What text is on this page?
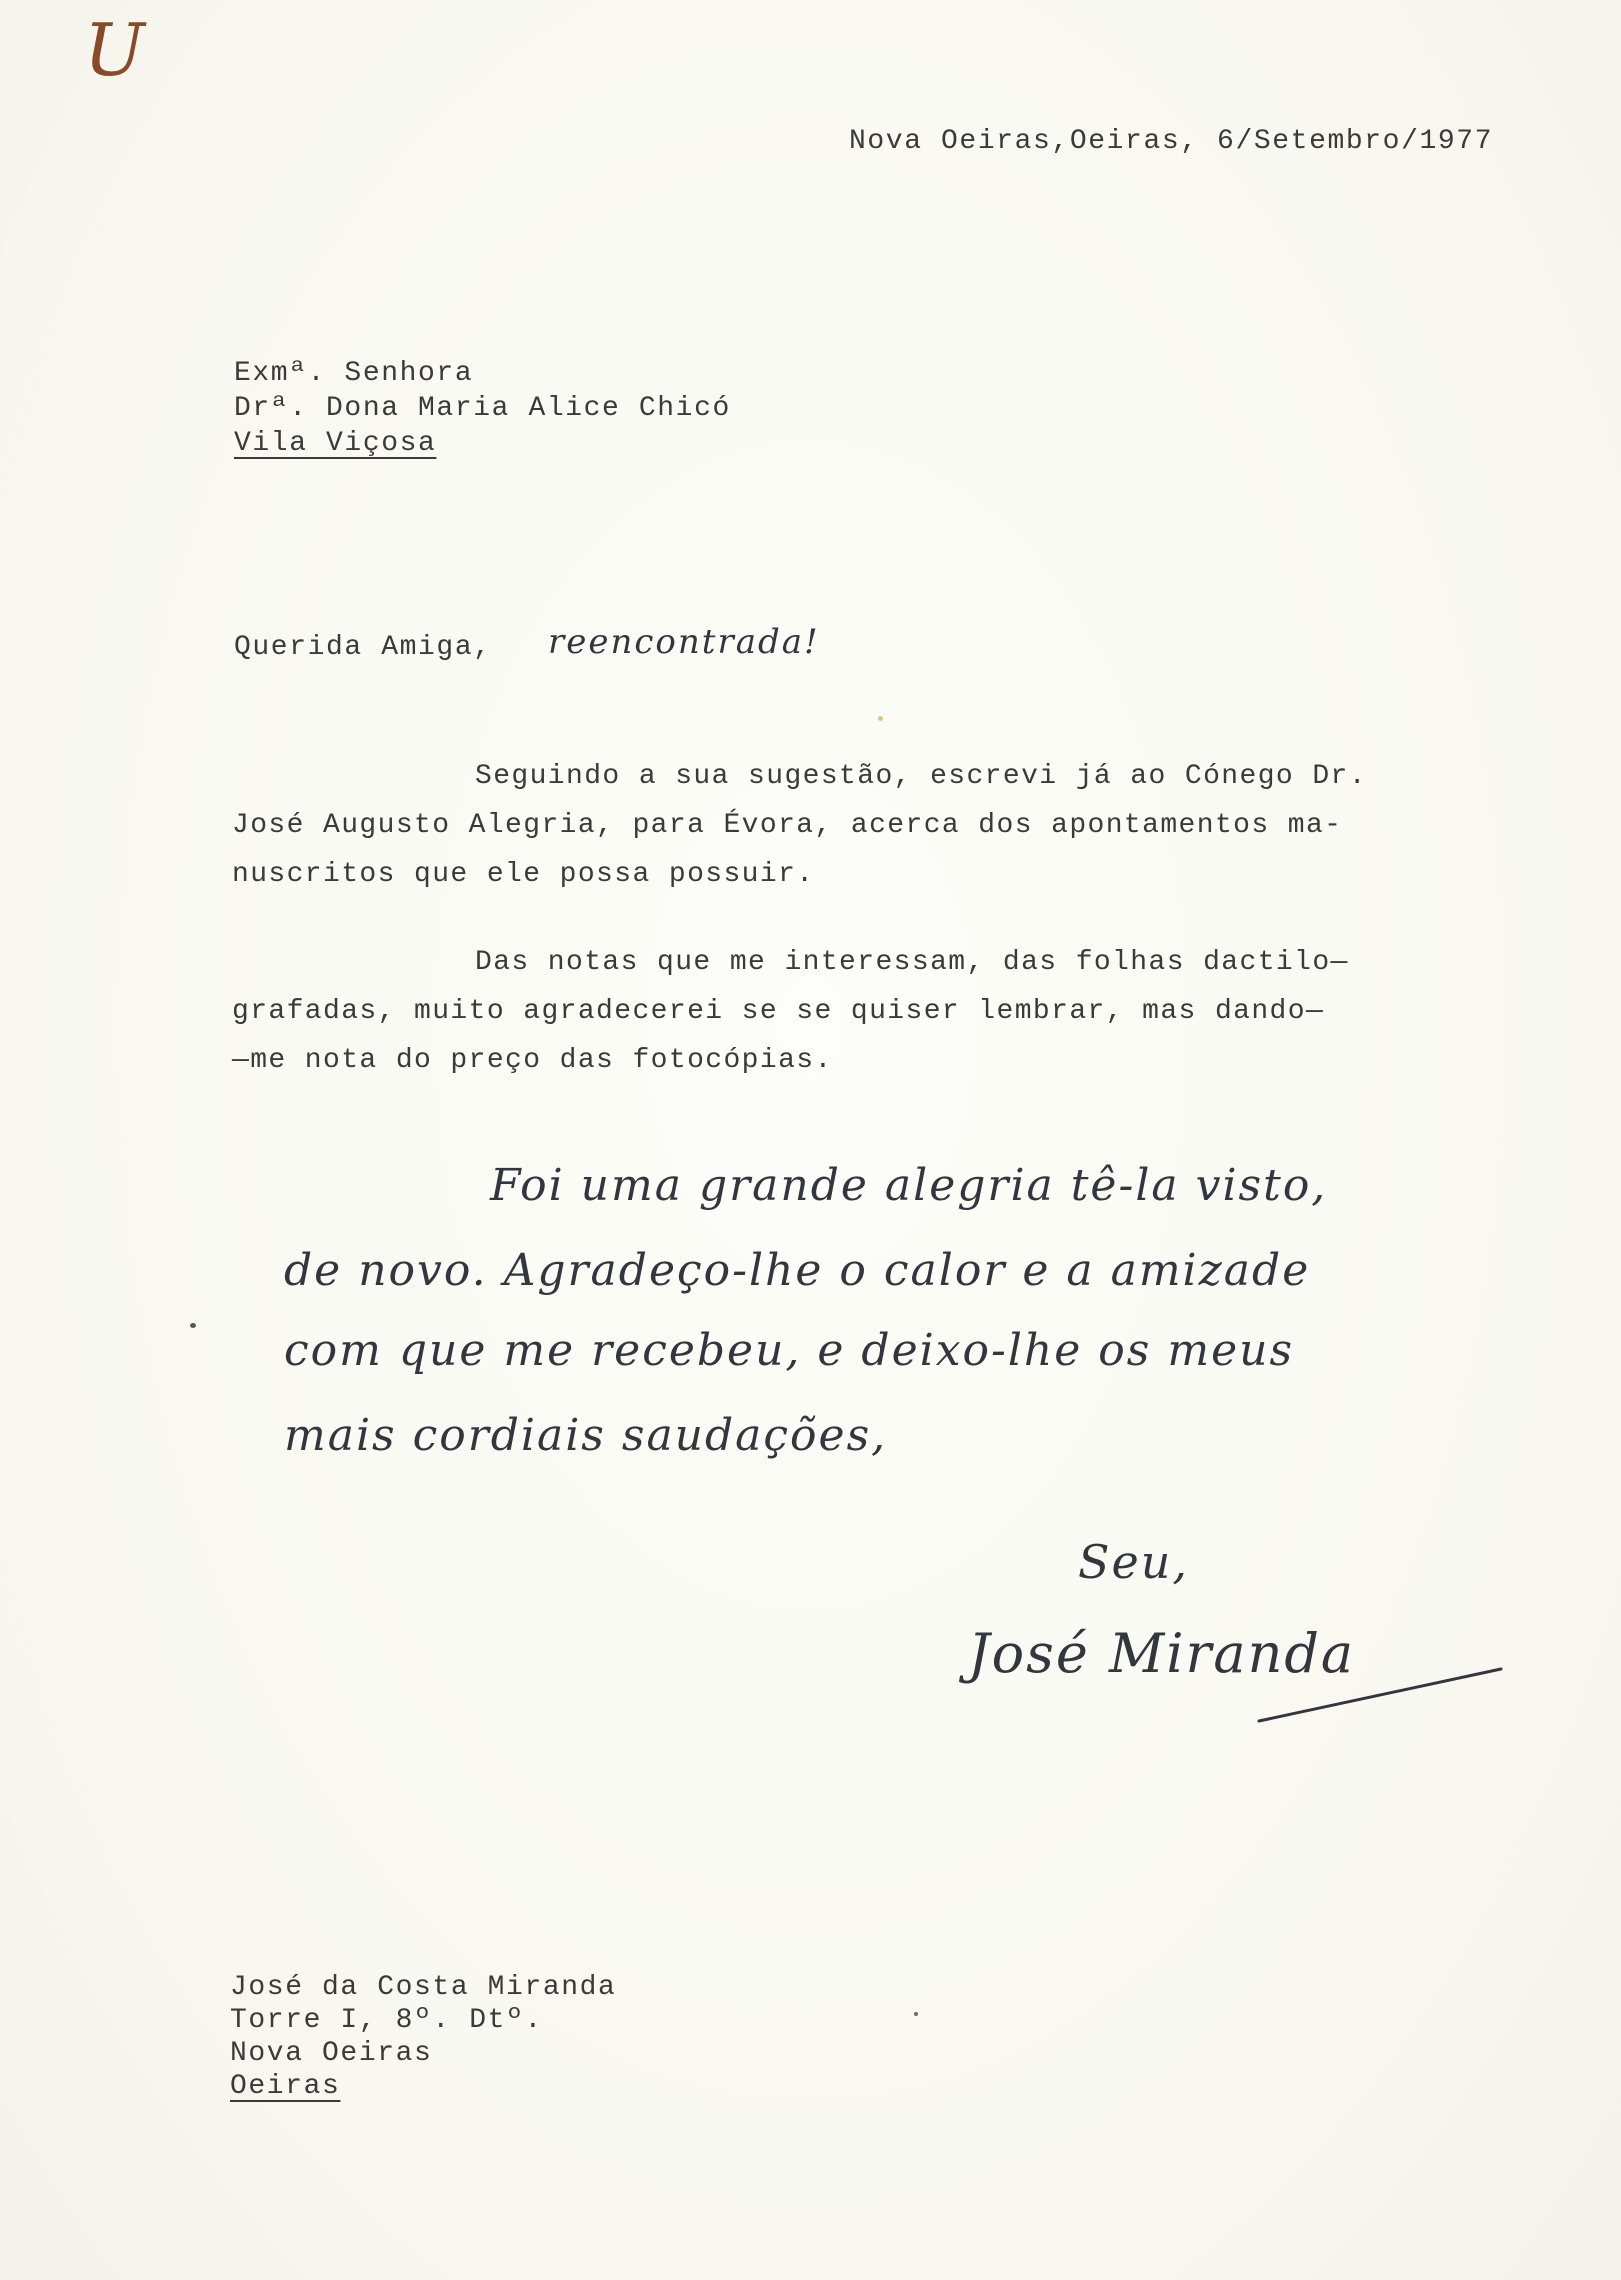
U
Nova Oeiras,Oeiras, 6/Setembro/1977
Exmª. Senhora
Drª. Dona Maria Alice Chicó
Vila Viçosa
Querida Amiga, reencontrada!
Seguindo a sua sugestão, escrevi já ao Cónego Dr.
José Augusto Alegria, para Évora, acerca dos apontamentos ma-
nuscritos que ele possa possuir.
Das notas que me interessam, das folhas dactilo—
grafadas, muito agradecerei se se quiser lembrar, mas dando—
—me nota do preço das fotocópias.
Foi uma grande alegria tê-la visto,
de novo. Agradeço-lhe o calor e a amizade
com que me recebeu, e deixo-lhe os meus
mais cordiais saudações,
Seu,
José Miranda
José da Costa Miranda
Torre I, 8º. Dtº.
Nova Oeiras
Oeiras
